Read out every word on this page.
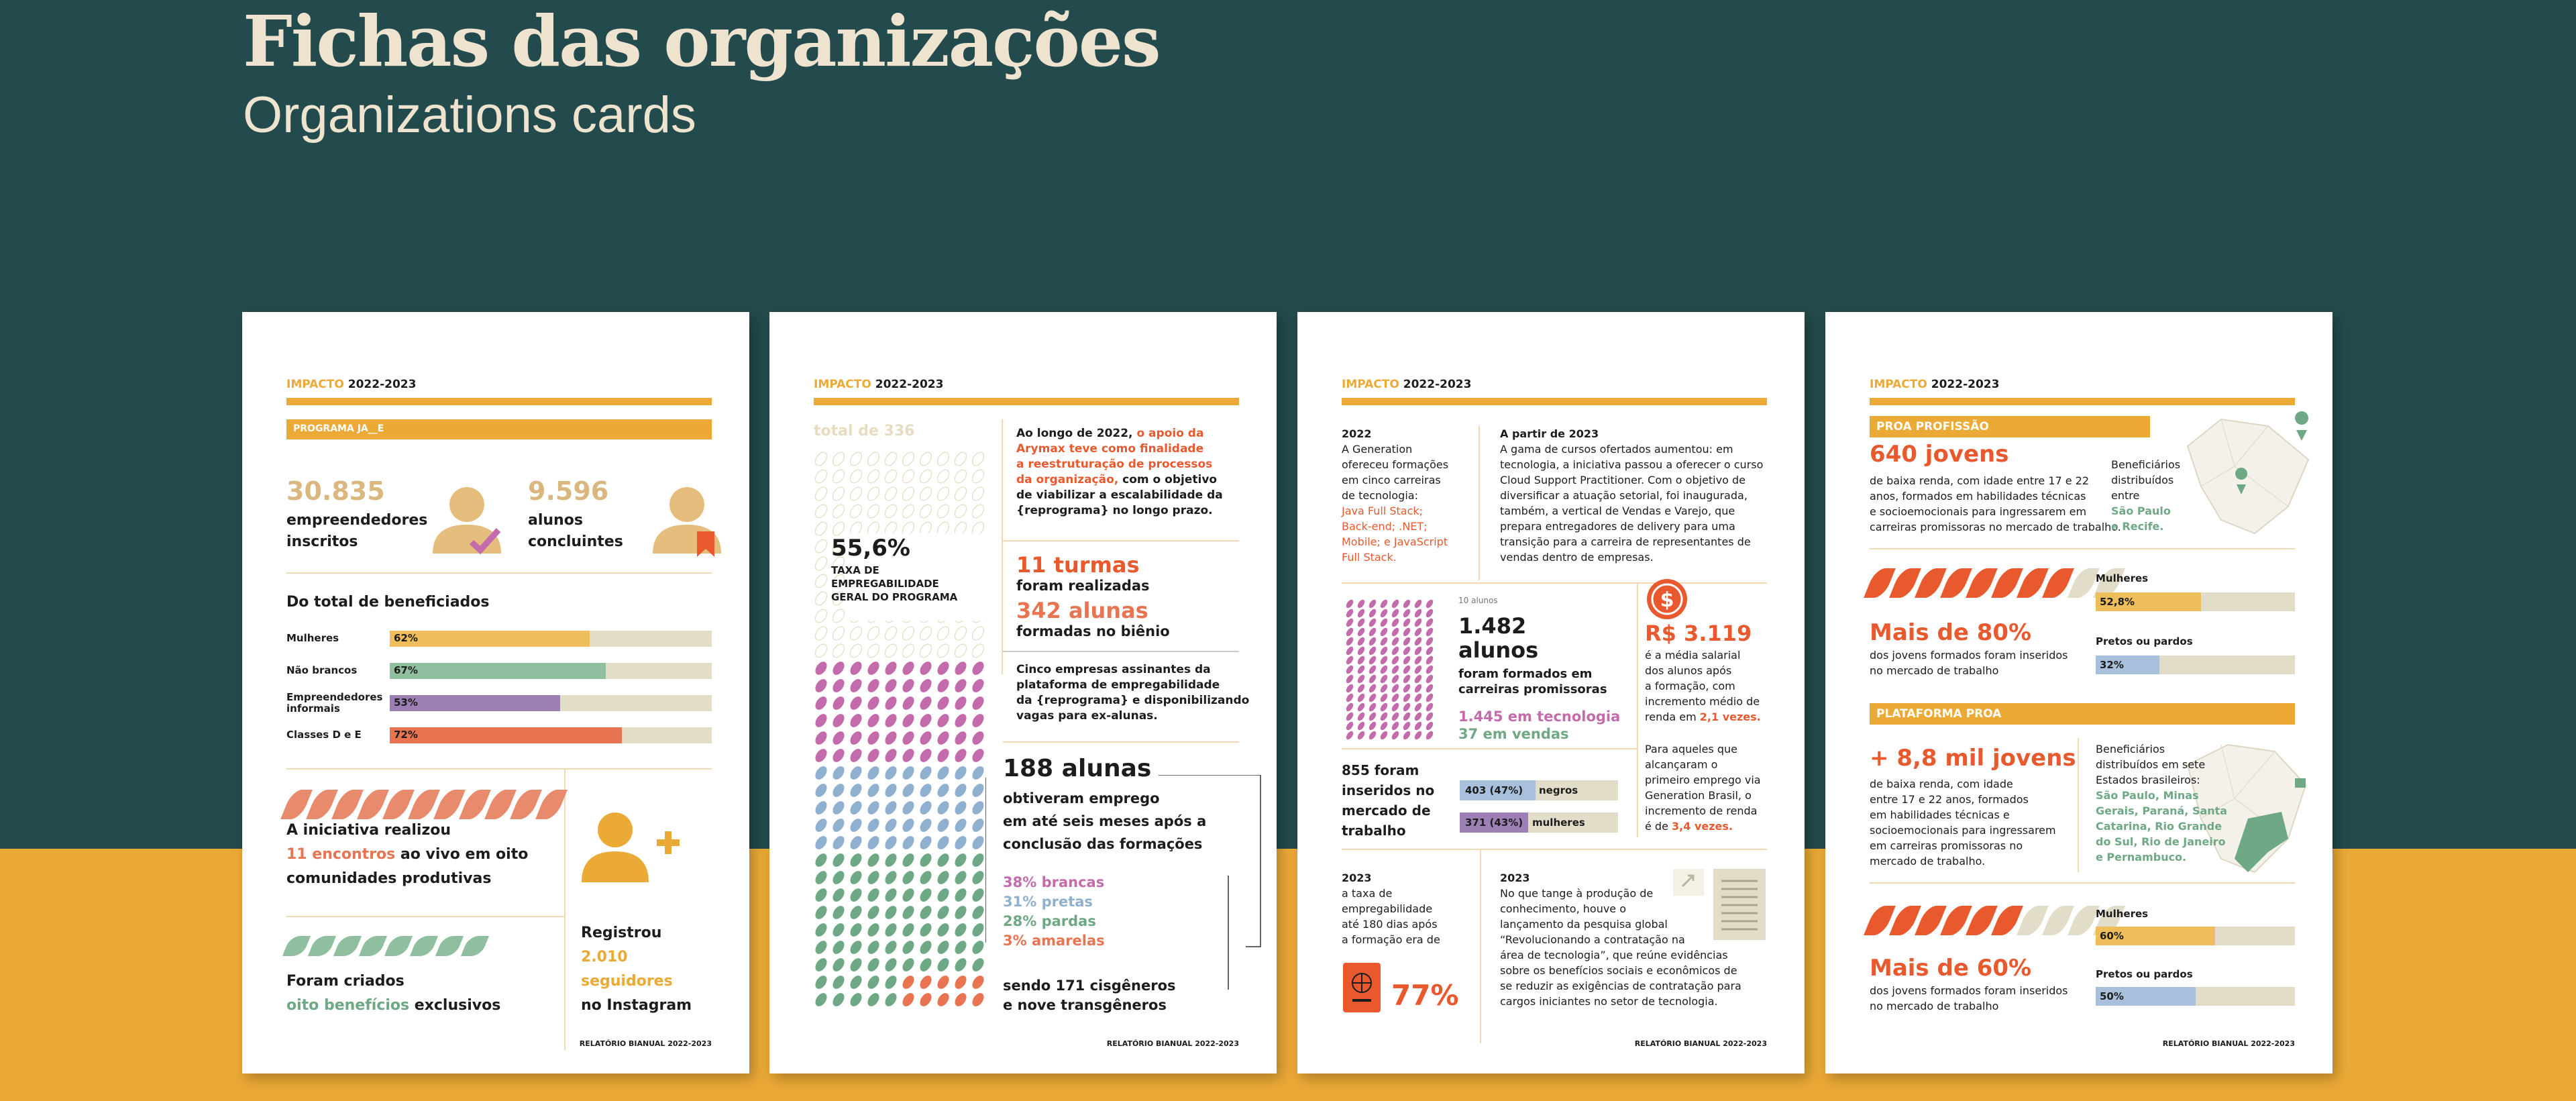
Fichas das organizações
Organizations cards
IMPACTO 2022-2023
PROGRAMA JA__E
30.835
empreendedores
inscritos
9.596
alunos
concluintes
Do total de beneficiados
A iniciativa realizou
11 encontros ao vivo em oito
comunidades produtivas
Foram criados
oito benefícios exclusivos
Registrou
2.010
seguidores
no Instagram
RELATÓRIO BIANUAL 2022-2023
Mulheres	62%
Não brancos	67%
Empreendedores informais	53%
Classes D e E	72%
IMPACTO 2022-2023
total de 336
55,6%
TAXA DE
EMPREGABILIDADE
GERAL DO PROGRAMA
Ao longo de 2022, o apoio da
Arymax teve como finalidade
a reestruturação de processos
da organização, com o objetivo
de viabilizar a escalabilidade da
{reprograma} no longo prazo.
11 turmas
foram realizadas
342 alunas
formadas no biênio
Cinco empresas assinantes da
plataforma de empregabilidade
da {reprograma} e disponibilizando
vagas para ex-alunas.
188 alunas
obtiveram emprego
em até seis meses após a
conclusão das formações
38% brancas
31% pretas
28% pardas
3% amarelas
sendo 171 cisgêneros
e nove transgêneros
RELATÓRIO BIANUAL 2022-2023
IMPACTO 2022-2023
2022
A Generation
ofereceu formações
em cinco carreiras
de tecnologia:
Java Full Stack;
Back-end; .NET;
Mobile; e JavaScript
Full Stack.
A partir de 2023
A gama de cursos ofertados aumentou: em
tecnologia, a iniciativa passou a oferecer o curso
Cloud Support Practitioner. Com o objetivo de
diversificar a atuação setorial, foi inaugurada,
também, a vertical de Vendas e Varejo, que
prepara entregadores de delivery para uma
transição para a carreira de representantes de
vendas dentro de empresas.
10 alunos
1.482
alunos
foram formados em
carreiras promissoras
1.445 em tecnologia
37 em vendas
855 foram
inseridos no
mercado de
trabalho
403 (47%) negros
371 (43%) mulheres
$
R$ 3.119
é a média salarial
dos alunos após
a formação, com
incremento médio de
renda em 2,1 vezes.
Para aqueles que
alcançaram o
primeiro emprego via
Generation Brasil, o
incremento de renda
é de 3,4 vezes.
2023
a taxa de
empregabilidade
até 180 dias após
a formação era de
77%
2023
No que tange à produção de
conhecimento, houve o
lançamento da pesquisa global
“Revolucionando a contratação na
área de tecnologia”, que reúne evidências
sobre os benefícios sociais e econômicos de
se reduzir as exigências de contratação para
cargos iniciantes no setor de tecnologia.
RELATÓRIO BIANUAL 2022-2023
IMPACTO 2022-2023
PROA PROFISSÃO
640 jovens
de baixa renda, com idade entre 17 e 22
anos, formados em habilidades técnicas
e socioemocionais para ingressarem em
carreiras promissoras no mercado de trabalho.
Beneficiários
distribuídos
entre
São Paulo
e Recife.
Mais de 80%
dos jovens formados foram inseridos
no mercado de trabalho
Mulheres
52,8%
Pretos ou pardos
32%
PLATAFORMA PROA
+ 8,8 mil jovens
de baixa renda, com idade
entre 17 e 22 anos, formados
em habilidades técnicas e
socioemocionais para ingressarem
em carreiras promissoras no
mercado de trabalho.
Beneficiários
distribuídos em sete
Estados brasileiros:
São Paulo, Minas
Gerais, Paraná, Santa
Catarina, Rio Grande
do Sul, Rio de Janeiro
e Pernambuco.
Mais de 60%
dos jovens formados foram inseridos
no mercado de trabalho
Mulheres
60%
Pretos ou pardos
50%
RELATÓRIO BIANUAL 2022-2023
